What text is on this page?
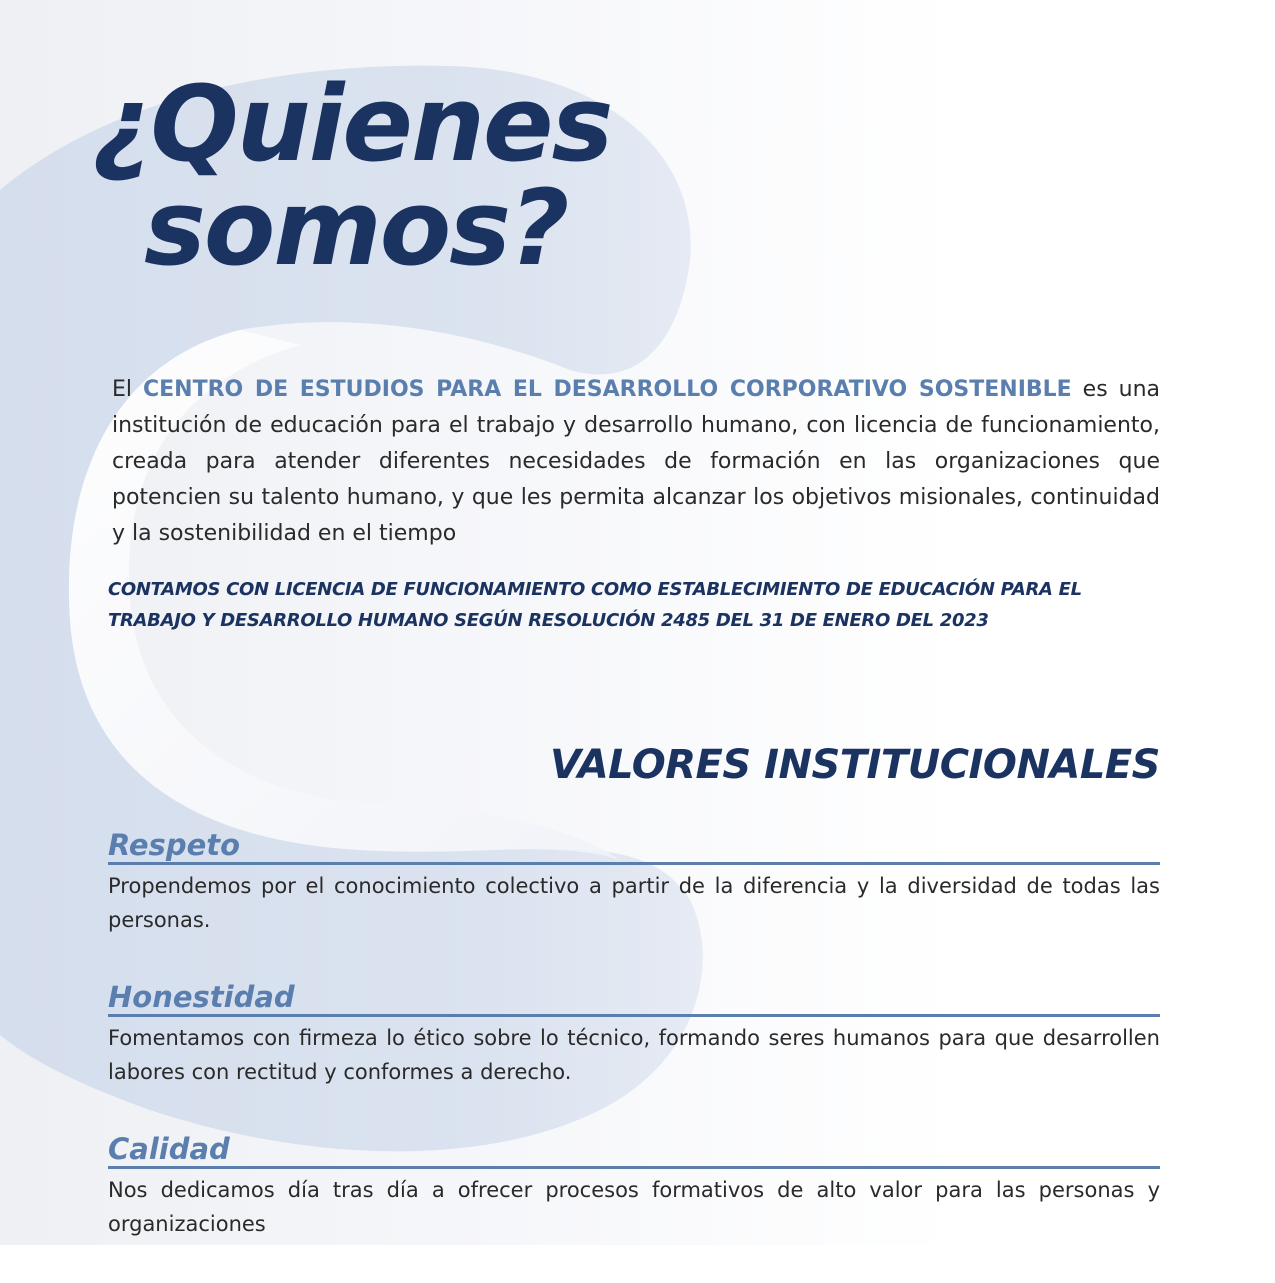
¿Quienes
somos?

El CENTRO DE ESTUDIOS PARA EL DESARROLLO CORPORATIVO SOSTENIBLE es una institución de educación para el trabajo y desarrollo humano, con licencia de funcionamiento, creada para atender diferentes necesidades de formación en las organizaciones que potencien su talento humano, y que les permita alcanzar los objetivos misionales, continuidad y la sostenibilidad en el tiempo

CONTAMOS CON LICENCIA DE FUNCIONAMIENTO COMO ESTABLECIMIENTO DE EDUCACIÓN PARA EL TRABAJO Y DESARROLLO HUMANO SEGÚN RESOLUCIÓN 2485 DEL 31 DE ENERO DEL 2023

VALORES INSTITUCIONALES
Respeto

Propendemos por el conocimiento colectivo a partir de la diferencia y la diversidad de todas las personas.

Honestidad

Fomentamos con firmeza lo ético sobre lo técnico, formando seres humanos para que desarrollen labores con rectitud y conformes a derecho.

Calidad

Nos dedicamos día tras día a ofrecer procesos formativos de alto valor para las personas y organizaciones
